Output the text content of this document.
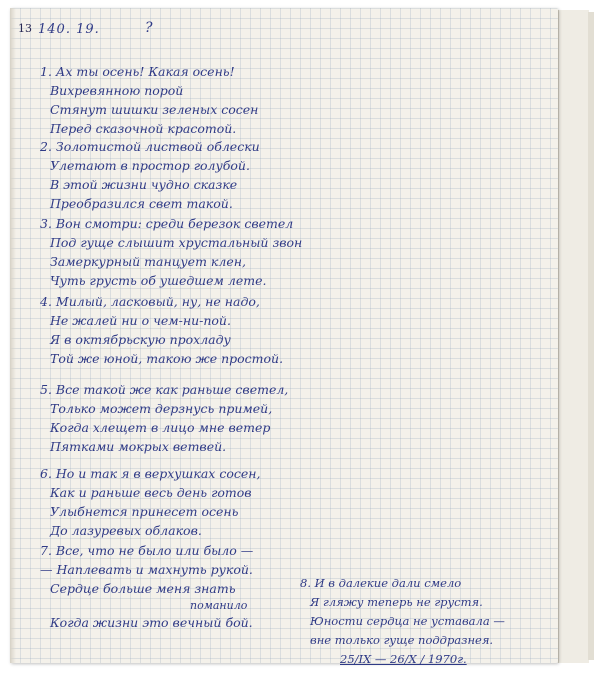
13 140. 19.	?
1. Ах ты осень! Какая осень!
Вихревянною порой
Стянут шишки зеленых сосен
Перед сказочной красотой.
2. Золотистой листвой облески
Улетают в простор голубой.
В этой жизни чудно сказке
Преобразился свет такой.
3. Вон смотри: среди березок светел
Под гуще слышит хрустальный звон
Замеркурный танцует клен,
Чуть грусть об ушедшем лете.
4. Милый, ласковый, ну, не надо,
Не жалей ни о чем-ни-пой.
Я в октябрьскую прохладу
Той же юной, такою же простой.
5. Все такой же как раньше светел,
Только может дерзнусь примей,
Когда хлещет в лицо мне ветер
Пятками мокрых ветвей.
6. Но и так я в верхушках сосен,
Как и раньше весь день готов
Улыбнется принесет осень
До лазуревых облаков.
7. Все, что не было или было —
— Наплевать и махнуть рукой.
Сердце больше меня знать
поманило
Когда жизни это вечный бой.
8. И в далекие дали смело
Я гляжу теперь не грустя.
Юности сердца не уставала —
вне только гуще поддразнея.
25/IX — 26/X / 1970г.
